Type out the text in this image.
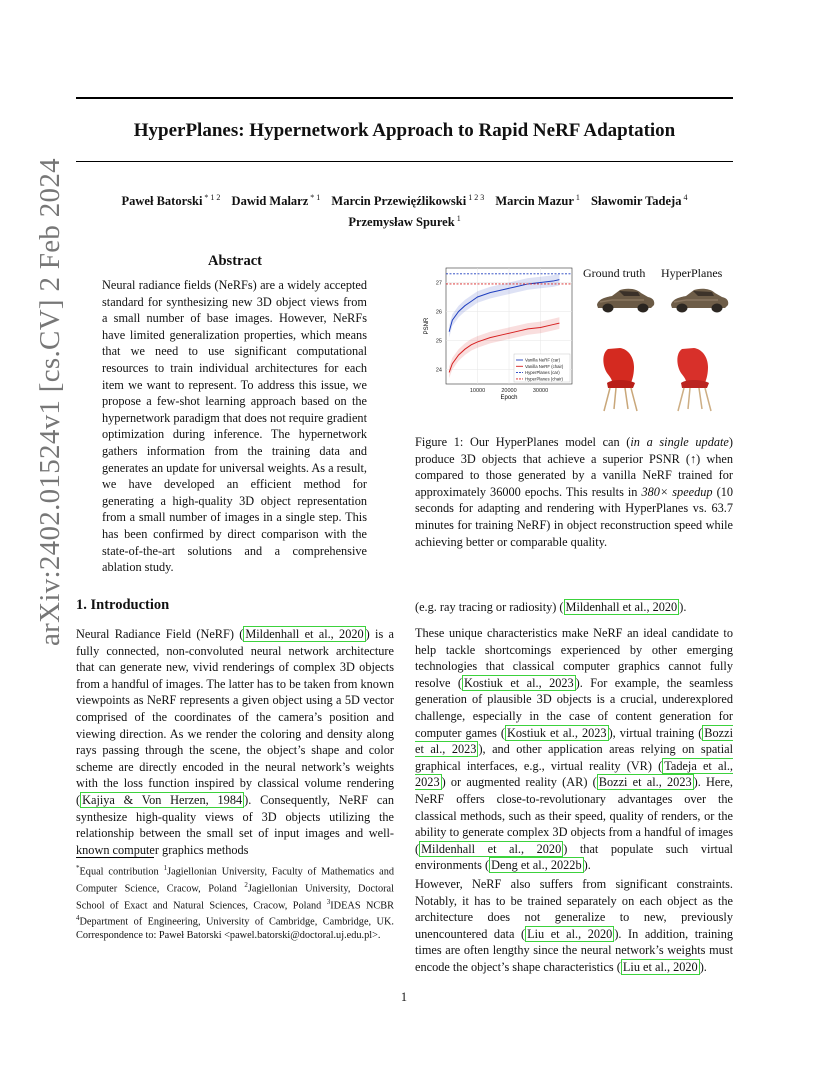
arXiv:2402.01524v1 [cs.CV] 2 Feb 2024
HyperPlanes: Hypernetwork Approach to Rapid NeRF Adaptation
Paweł Batorski $^{* 1 2}$ Dawid Malarz $^{* 1}$ Marcin Przewięźlikowski $^{1 2 3}$ Marcin Mazur $^1$ Sławomir Tadeja $^4$
Przemysław Spurek $^1$
Abstract
Neural radiance fields (NeRFs) are a widely accepted standard for synthesizing new 3D object views from a small number of base images. However, NeRFs have limited generalization properties, which means that we need to use significant computational resources to train individual architectures for each item we want to represent. To address this issue, we propose a few-shot learning approach based on the hypernetwork paradigm that does not require gradient optimization during inference. The hypernetwork gathers information from the training data and generates an update for universal weights. As a result, we have developed an efficient method for generating a high-quality 3D object representation from a small number of images in a single step. This has been confirmed by direct comparison with the state-of-the-art solutions and a comprehensive ablation study.
24
25
26
27
10000	20000	30000
Epoch
PSNR
Vanilla NeRF (car)
Vanilla NeRF (chair)
HyperPlanes (car)
HyperPlanes (chair)
Ground truth HyperPlanes
Figure 1: Our HyperPlanes model can (in a single update) produce 3D objects that achieve a superior PSNR (↑) when compared to those generated by a vanilla NeRF trained for approximately 36000 epochs. This results in 380× speedup (10 seconds for adapting and rendering with HyperPlanes vs. 63.7 minutes for training NeRF) in object reconstruction speed while achieving better or comparable quality.
1. Introduction
Neural Radiance Field (NeRF) ( Mildenhall et al., 2020 ) is a fully connected, non-convoluted neural network architecture that can generate new, vivid renderings of complex 3D objects from a handful of images. The latter has to be taken from known viewpoints as NeRF represents a given object using a 5D vector comprised of the coordinates of the camera’s position and viewing direction. As we render the coloring and density along rays passing through the scene, the object’s shape and color scheme are directly encoded in the neural network’s weights with the loss function inspired by classical volume rendering ( Kajiya & Von Herzen, 1984 ). Consequently, NeRF can synthesize high-quality views of 3D objects utilizing the relationship between the small set of input images and well-known computer graphics methods
(e.g. ray tracing or radiosity) ( Mildenhall et al., 2020 ).
These unique characteristics make NeRF an ideal candidate to help tackle shortcomings experienced by other emerging technologies that classical computer graphics cannot fully resolve ( Kostiuk et al., 2023 ). For example, the seamless generation of plausible 3D objects is a crucial, underexplored challenge, especially in the case of content generation for computer games ( Kostiuk et al., 2023 ), virtual training ( Bozzi et al., 2023 ), and other application areas relying on spatial graphical interfaces, e.g., virtual reality (VR) ( Tadeja et al., 2023 ) or augmented reality (AR) ( Bozzi et al., 2023 ). Here, NeRF offers close-to-revolutionary advantages over the classical methods, such as their speed, quality of renders, or the ability to generate complex 3D objects from a handful of images ( Mildenhall et al., 2020 ) that populate such virtual environments ( Deng et al., 2022b ).
However, NeRF also suffers from significant constraints. Notably, it has to be trained separately on each object as the architecture does not generalize to new, previously unencountered data ( Liu et al., 2020 ). In addition, training times are often lengthy since the neural network’s weights must encode the object’s shape characteristics ( Liu et al., 2020 ).
*Equal contribution $^1$Jagiellonian University, Faculty of Mathematics and Computer Science, Cracow, Poland $^2$Jagiellonian University, Doctoral School of Exact and Natural Sciences, Cracow, Poland $^3$IDEAS NCBR $^4$Department of Engineering, University of Cambridge, Cambridge, UK. Correspondence to: Paweł Batorski <pawel.batorski@doctoral.uj.edu.pl>.
1
